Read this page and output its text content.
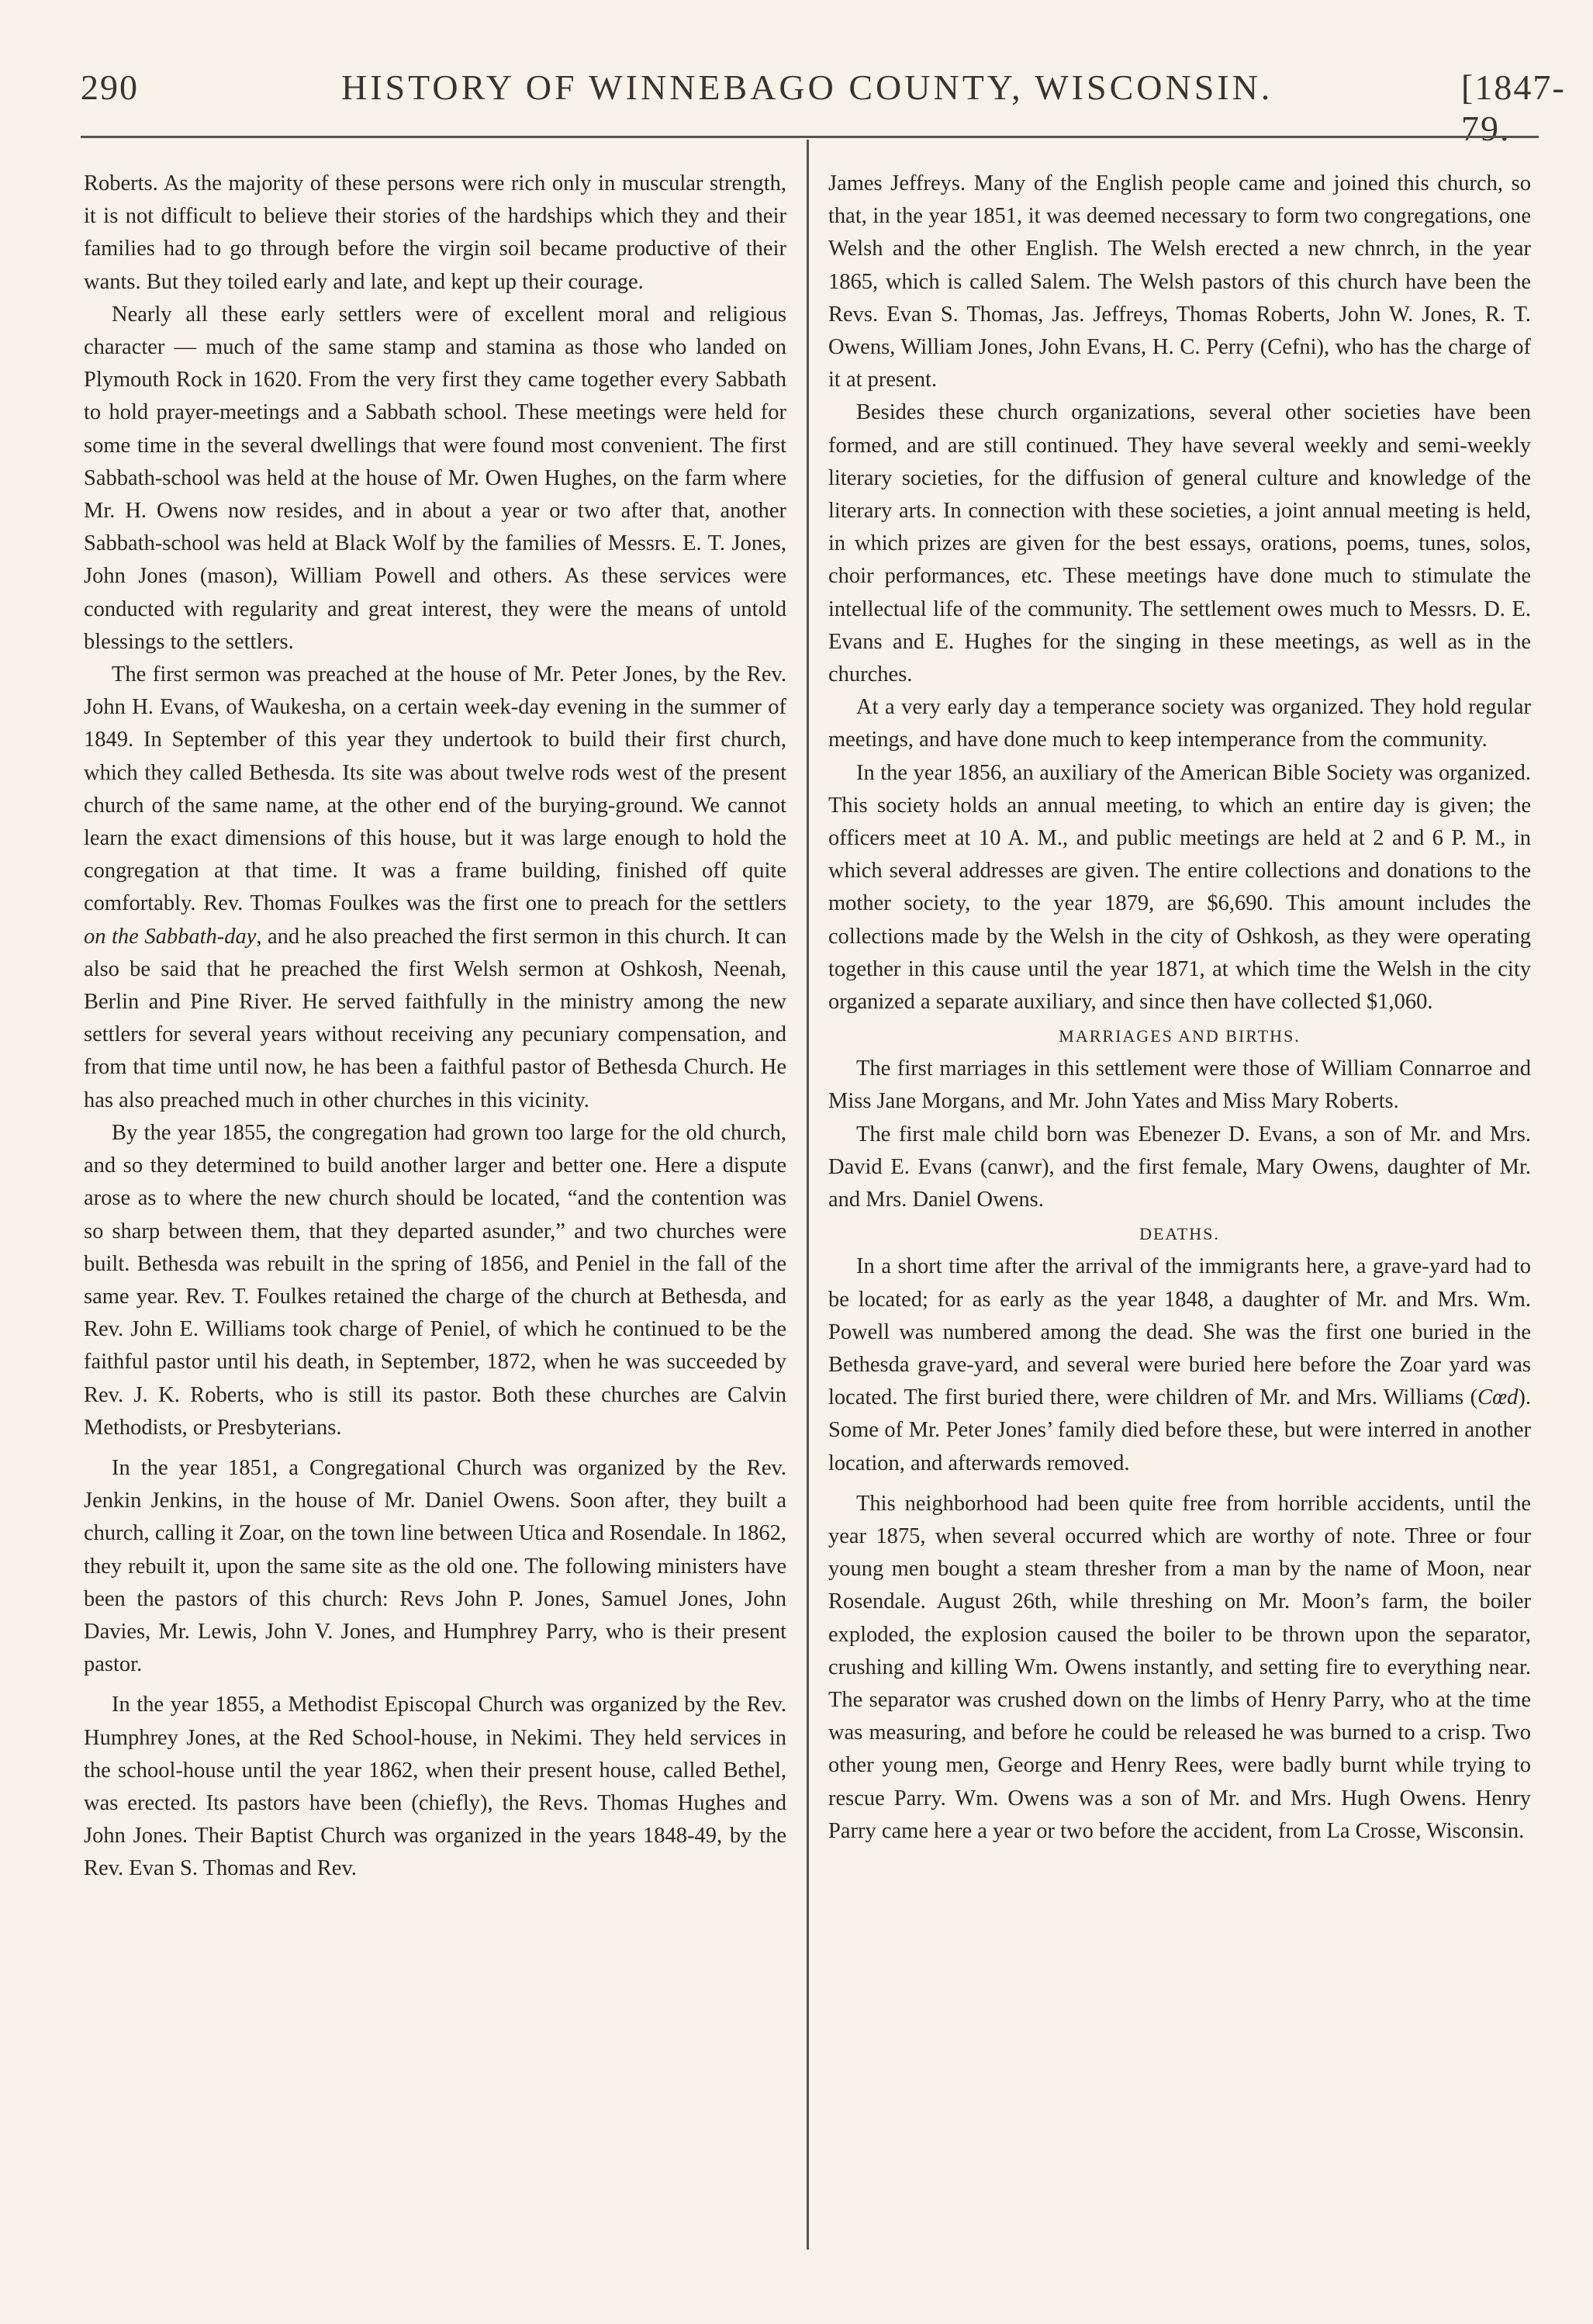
290	HISTORY OF WINNEBAGO COUNTY, WISCONSIN.	[1847-79.

Roberts. As the majority of these persons were rich only in muscular strength, it is not difficult to believe their stories of the hardships which they and their families had to go through before the virgin soil became productive of their wants. But they toiled early and late, and kept up their courage.

Nearly all these early settlers were of excellent moral and religious character — much of the same stamp and stamina as those who landed on Plymouth Rock in 1620. From the very first they came together every Sabbath to hold prayer-meetings and a Sabbath school. These meetings were held for some time in the several dwellings that were found most convenient. The first Sabbath-school was held at the house of Mr. Owen Hughes, on the farm where Mr. H. Owens now resides, and in about a year or two after that, another Sabbath-school was held at Black Wolf by the families of Messrs. E. T. Jones, John Jones (mason), William Powell and others. As these services were conducted with regularity and great interest, they were the means of untold blessings to the settlers.

The first sermon was preached at the house of Mr. Peter Jones, by the Rev. John H. Evans, of Waukesha, on a certain week-day evening in the summer of 1849. In September of this year they undertook to build their first church, which they called Bethesda. Its site was about twelve rods west of the present church of the same name, at the other end of the burying-ground. We cannot learn the exact dimensions of this house, but it was large enough to hold the congregation at that time. It was a frame building, finished off quite comfortably. Rev. Thomas Foulkes was the first one to preach for the settlers on the Sabbath-day, and he also preached the first sermon in this church. It can also be said that he preached the first Welsh sermon at Oshkosh, Neenah, Berlin and Pine River. He served faithfully in the ministry among the new settlers for several years without receiving any pecuniary compensation, and from that time until now, he has been a faithful pastor of Bethesda Church. He has also preached much in other churches in this vicinity.

By the year 1855, the congregation had grown too large for the old church, and so they determined to build another larger and better one. Here a dispute arose as to where the new church should be located, “and the contention was so sharp between them, that they departed asunder,” and two churches were built. Bethesda was rebuilt in the spring of 1856, and Peniel in the fall of the same year. Rev. T. Foulkes retained the charge of the church at Bethesda, and Rev. John E. Williams took charge of Peniel, of which he continued to be the faithful pastor until his death, in September, 1872, when he was succeeded by Rev. J. K. Roberts, who is still its pastor. Both these churches are Calvin Methodists, or Presbyterians.

In the year 1851, a Congregational Church was organized by the Rev. Jenkin Jenkins, in the house of Mr. Daniel Owens. Soon after, they built a church, calling it Zoar, on the town line between Utica and Rosendale. In 1862, they rebuilt it, upon the same site as the old one. The following ministers have been the pastors of this church: Revs John P. Jones, Samuel Jones, John Davies, Mr. Lewis, John V. Jones, and Humphrey Parry, who is their present pastor.

In the year 1855, a Methodist Episcopal Church was organized by the Rev. Humphrey Jones, at the Red School-house, in Nekimi. They held services in the school-house until the year 1862, when their present house, called Bethel, was erected. Its pastors have been (chiefly), the Revs. Thomas Hughes and John Jones. Their Baptist Church was organized in the years 1848-49, by the Rev. Evan S. Thomas and Rev.

James Jeffreys. Many of the English people came and joined this church, so that, in the year 1851, it was deemed necessary to form two congregations, one Welsh and the other English. The Welsh erected a new chnrch, in the year 1865, which is called Salem. The Welsh pastors of this church have been the Revs. Evan S. Thomas, Jas. Jeffreys, Thomas Roberts, John W. Jones, R. T. Owens, William Jones, John Evans, H. C. Perry (Cefni), who has the charge of it at present.

Besides these church organizations, several other societies have been formed, and are still continued. They have several weekly and semi-weekly literary societies, for the diffusion of general culture and knowledge of the literary arts. In connection with these societies, a joint annual meeting is held, in which prizes are given for the best essays, orations, poems, tunes, solos, choir performances, etc. These meetings have done much to stimulate the intellectual life of the community. The settlement owes much to Messrs. D. E. Evans and E. Hughes for the singing in these meetings, as well as in the churches.

At a very early day a temperance society was organized. They hold regular meetings, and have done much to keep intemperance from the community.

In the year 1856, an auxiliary of the American Bible Society was organized. This society holds an annual meeting, to which an entire day is given; the officers meet at 10 A. M., and public meetings are held at 2 and 6 P. M., in which several addresses are given. The entire collections and donations to the mother society, to the year 1879, are $6,690. This amount includes the collections made by the Welsh in the city of Oshkosh, as they were operating together in this cause until the year 1871, at which time the Welsh in the city organized a separate auxiliary, and since then have collected $1,060.

MARRIAGES AND BIRTHS.

The first marriages in this settlement were those of William Connarroe and Miss Jane Morgans, and Mr. John Yates and Miss Mary Roberts.

The first male child born was Ebenezer D. Evans, a son of Mr. and Mrs. David E. Evans (canwr), and the first female, Mary Owens, daughter of Mr. and Mrs. Daniel Owens.

DEATHS.

In a short time after the arrival of the immigrants here, a grave-yard had to be located; for as early as the year 1848, a daughter of Mr. and Mrs. Wm. Powell was numbered among the dead. She was the first one buried in the Bethesda grave-yard, and several were buried here before the Zoar yard was located. The first buried there, were children of Mr. and Mrs. Williams (Cœd). Some of Mr. Peter Jones’ family died before these, but were interred in another location, and afterwards removed.

This neighborhood had been quite free from horrible accidents, until the year 1875, when several occurred which are worthy of note. Three or four young men bought a steam thresher from a man by the name of Moon, near Rosendale. August 26th, while threshing on Mr. Moon’s farm, the boiler exploded, the explosion caused the boiler to be thrown upon the separator, crushing and killing Wm. Owens instantly, and setting fire to everything near. The separator was crushed down on the limbs of Henry Parry, who at the time was measuring, and before he could be released he was burned to a crisp. Two other young men, George and Henry Rees, were badly burnt while trying to rescue Parry. Wm. Owens was a son of Mr. and Mrs. Hugh Owens. Henry Parry came here a year or two before the accident, from La Crosse, Wisconsin.
